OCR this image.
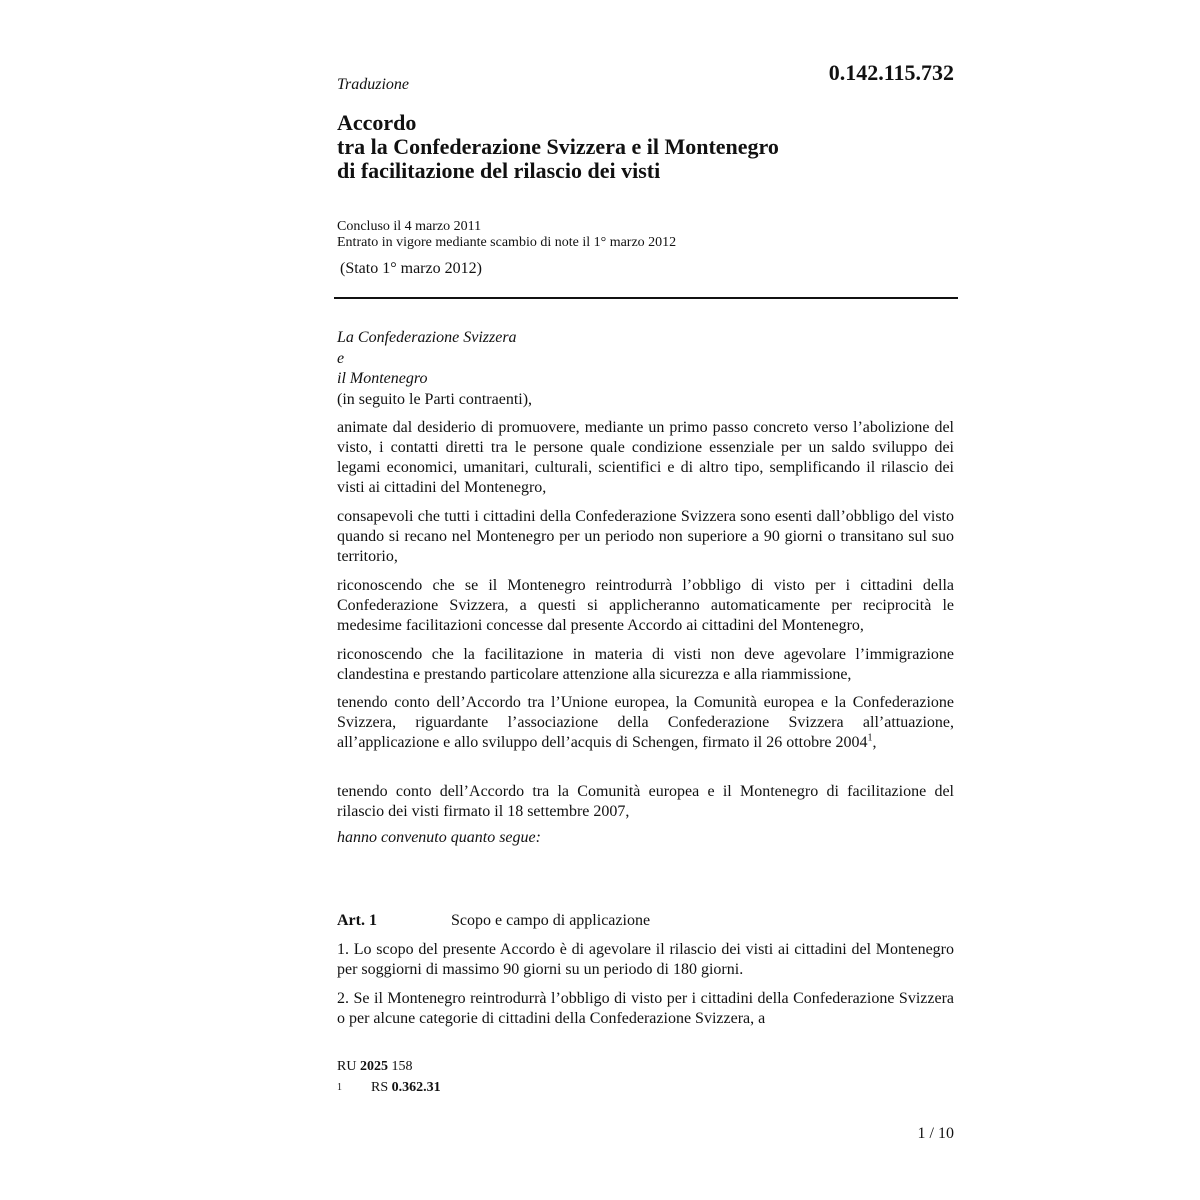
0.142.115.732
Traduzione
Accordo
tra la Confederazione Svizzera e il Montenegro
di facilitazione del rilascio dei visti
Concluso il 4 marzo 2011
Entrato in vigore mediante scambio di note il 1° marzo 2012
(Stato 1° marzo 2012)
La Confederazione Svizzera
e
il Montenegro
(in seguito le Parti contraenti),
animate dal desiderio di promuovere, mediante un primo passo concreto verso l’abolizione del visto, i contatti diretti tra le persone quale condizione essenziale per un saldo sviluppo dei legami economici, umanitari, culturali, scientifici e di altro tipo, semplificando il rilascio dei visti ai cittadini del Montenegro,
consapevoli che tutti i cittadini della Confederazione Svizzera sono esenti dall’obbligo del visto quando si recano nel Montenegro per un periodo non superiore a 90 giorni o transitano sul suo territorio,
riconoscendo che se il Montenegro reintrodurrà l’obbligo di visto per i cittadini della Confederazione Svizzera, a questi si applicheranno automaticamente per reciprocità le medesime facilitazioni concesse dal presente Accordo ai cittadini del Montenegro,
riconoscendo che la facilitazione in materia di visti non deve agevolare l’immigrazione clandestina e prestando particolare attenzione alla sicurezza e alla riammissione,
tenendo conto dell’Accordo tra l’Unione europea, la Comunità europea e la Confederazione Svizzera, riguardante l’associazione della Confederazione Svizzera all’attuazione, all’applicazione e allo sviluppo dell’acquis di Schengen, firmato il 26 ottobre 2004$^1$,
tenendo conto dell’Accordo tra la Comunità europea e il Montenegro di facilitazione del rilascio dei visti firmato il 18 settembre 2007,
hanno convenuto quanto segue:
Art. 1	Scopo e campo di applicazione
1. Lo scopo del presente Accordo è di agevolare il rilascio dei visti ai cittadini del Montenegro per soggiorni di massimo 90 giorni su un periodo di 180 giorni.
2. Se il Montenegro reintrodurrà l’obbligo di visto per i cittadini della Confederazione Svizzera o per alcune categorie di cittadini della Confederazione Svizzera, a
RU 2025 158
1 RS 0.362.31
1 / 10
